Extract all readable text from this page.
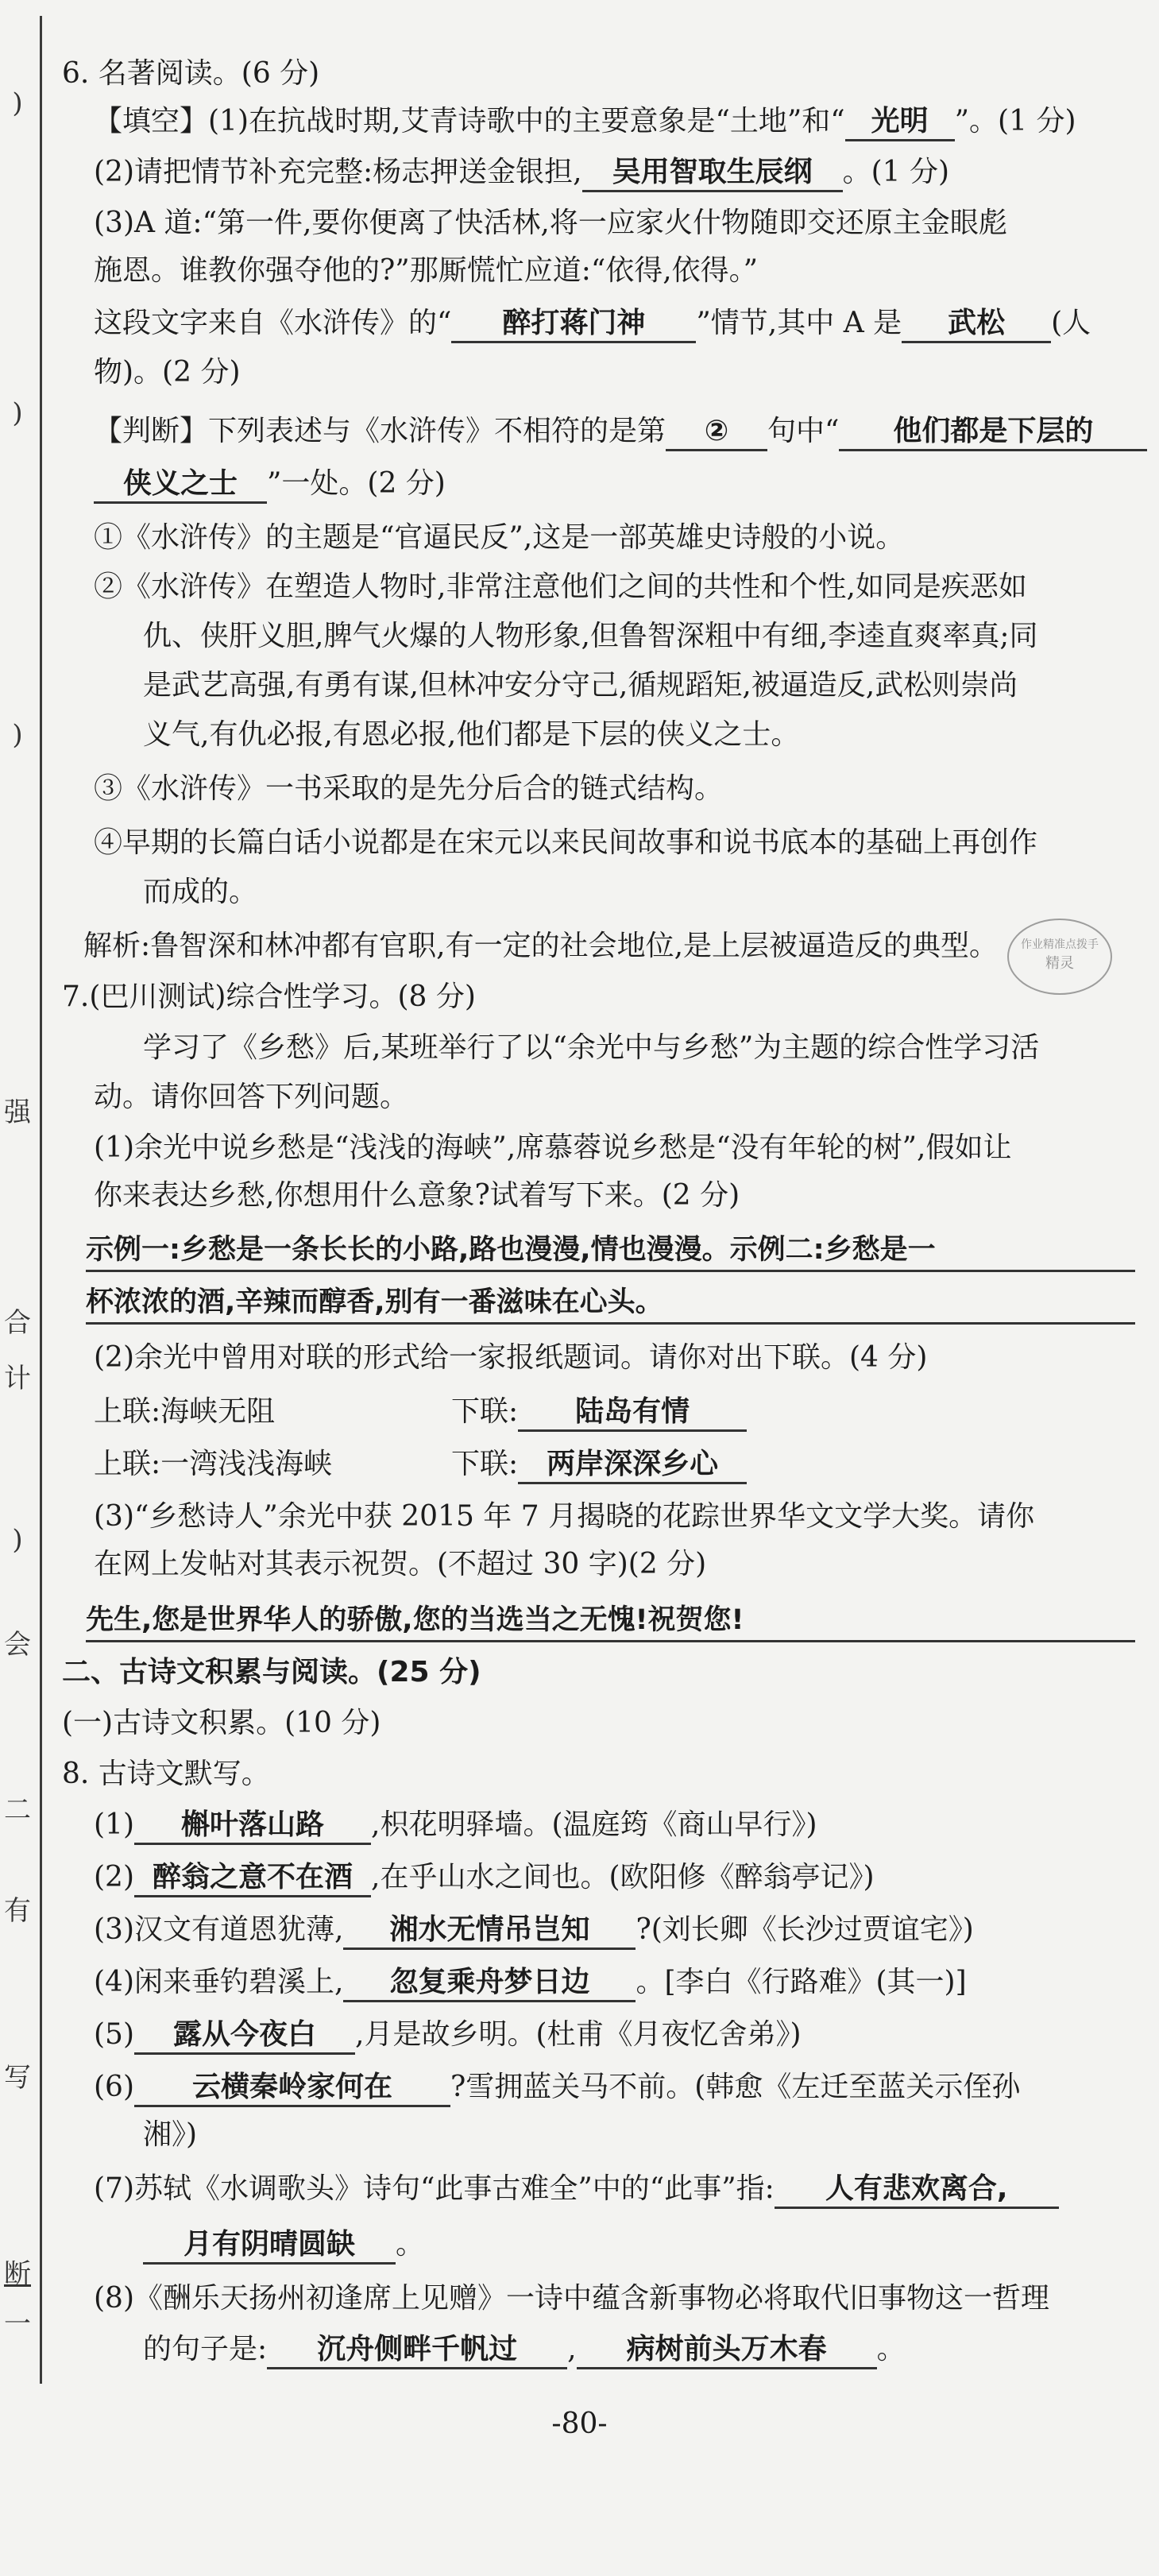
)
)
)
强
合
计
)
会
二
有
写
断
一
6. 名著阅读。(6 分)
【填空】(1)在抗战时期,艾青诗歌中的主要意象是“土地”和“ 光明 ”。(1 分)
(2)请把情节补充完整:杨志押送金银担, 吴用智取生辰纲 。(1 分)
(3)A 道:“第一件,要你便离了快活林,将一应家火什物随即交还原主金眼彪
施恩。谁教你强夺他的?”那厮慌忙应道:“依得,依得。”
这段文字来自《水浒传》的“ 醉打蒋门神 ”情节,其中 A 是 武松 (人
物)。(2 分)
【判断】下列表述与《水浒传》不相符的是第 ② 句中“ 他们都是下层的
侠义之士 ”一处。(2 分)
①《水浒传》的主题是“官逼民反”,这是一部英雄史诗般的小说。
②《水浒传》在塑造人物时,非常注意他们之间的共性和个性,如同是疾恶如
仇、侠肝义胆,脾气火爆的人物形象,但鲁智深粗中有细,李逵直爽率真;同
是武艺高强,有勇有谋,但林冲安分守己,循规蹈矩,被逼造反,武松则崇尚
义气,有仇必报,有恩必报,他们都是下层的侠义之士。
③《水浒传》一书采取的是先分后合的链式结构。
④早期的长篇白话小说都是在宋元以来民间故事和说书底本的基础上再创作
而成的。
解析:鲁智深和林冲都有官职,有一定的社会地位,是上层被逼造反的典型。	作业精准点拨手
精灵
7.(巴川测试)综合性学习。(8 分)
学习了《乡愁》后,某班举行了以“余光中与乡愁”为主题的综合性学习活
动。请你回答下列问题。
(1)余光中说乡愁是“浅浅的海峡”,席慕蓉说乡愁是“没有年轮的树”,假如让
你来表达乡愁,你想用什么意象?试着写下来。(2 分)
示例一:乡愁是一条长长的小路,路也漫漫,情也漫漫。示例二:乡愁是一
杯浓浓的酒,辛辣而醇香,别有一番滋味在心头。
(2)余光中曾用对联的形式给一家报纸题词。请你对出下联。(4 分)
上联:海峡无阻	下联: 陆岛有情
上联:一湾浅浅海峡	下联: 两岸深深乡心
(3)“乡愁诗人”余光中获 2015 年 7 月揭晓的花踪世界华文文学大奖。请你
在网上发帖对其表示祝贺。(不超过 30 字)(2 分)
先生,您是世界华人的骄傲,您的当选当之无愧!祝贺您!
二、古诗文积累与阅读。(25 分)
(一)古诗文积累。(10 分)
8. 古诗文默写。
(1) 槲叶落山路 ,枳花明驿墙。(温庭筠《商山早行》)
(2) 醉翁之意不在酒 ,在乎山水之间也。(欧阳修《醉翁亭记》)
(3)汉文有道恩犹薄, 湘水无情吊岂知 ?(刘长卿《长沙过贾谊宅》)
(4)闲来垂钓碧溪上, 忽复乘舟梦日边 。[李白《行路难》(其一)]
(5) 露从今夜白 ,月是故乡明。(杜甫《月夜忆舍弟》)
(6) 云横秦岭家何在 ?雪拥蓝关马不前。(韩愈《左迁至蓝关示侄孙
湘》)
(7)苏轼《水调歌头》诗句“此事古难全”中的“此事”指: 人有悲欢离合,
月有阴晴圆缺 。
(8)《酬乐天扬州初逢席上见赠》一诗中蕴含新事物必将取代旧事物这一哲理
的句子是: 沉舟侧畔千帆过 , 病树前头万木春 。
-80-
